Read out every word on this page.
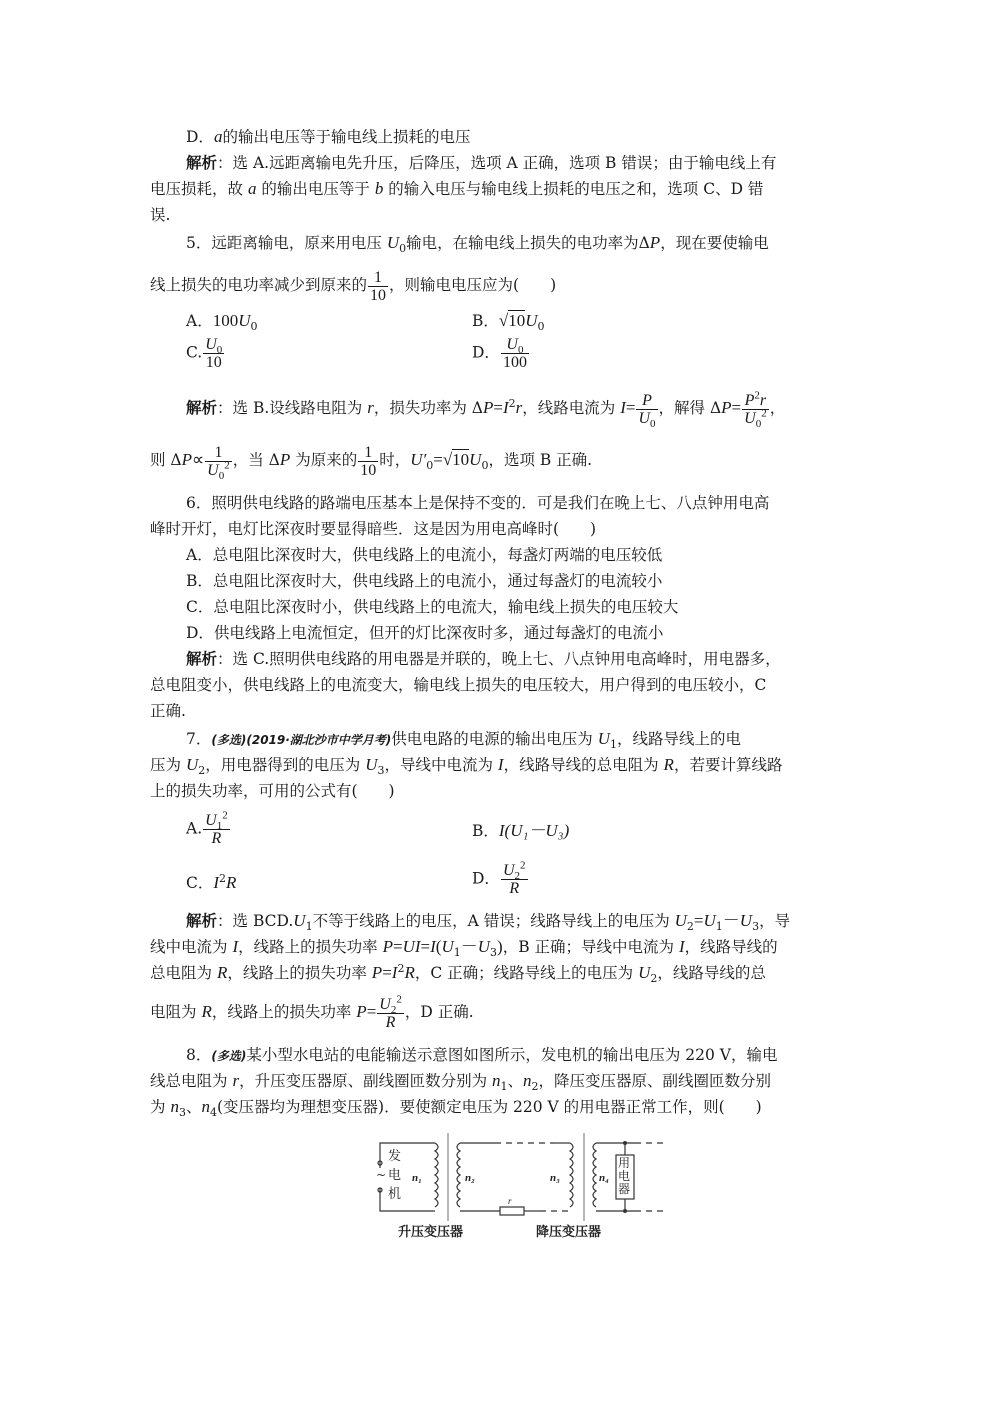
D．a的输出电压等于输电线上损耗的电压
解析：选 A.远距离输电先升压，后降压，选项 A 正确，选项 B 错误；由于输电线上有
电压损耗，故 a 的输出电压等于 b 的输入电压与输电线上损耗的电压之和，选项 C、D 错
误.
5．远距离输电，原来用电压 $U_0$输电，在输电线上损失的电功率为ΔP，现在要使输电
线上损失的电功率减少到原来的 $\frac{1}{10}$ ，则输电电压应为(　　)
A．$100U_0$	B．$√10U_0$
C. $\frac{U_0}{10}$	D． $\frac{U_0}{100}$
解析：选 B.设线路电阻为 r，损失功率为 $\Delta P=I^2r$，线路电流为 $I= \frac{P}{U_0}$ ，解得 $\Delta P= \frac{P^2r}{U_0^2}$ ，
则 $\Delta P\propto \frac{1}{U_0^2}$ ，当 ΔP 为原来的 $\frac{1}{10}$ 时，$U'_0=√10U_0$，选项 B 正确.
6．照明供电线路的路端电压基本上是保持不变的．可是我们在晚上七、八点钟用电高
峰时开灯，电灯比深夜时要显得暗些．这是因为用电高峰时(　　)
A．总电阻比深夜时大，供电线路上的电流小，每盏灯两端的电压较低
B．总电阻比深夜时大，供电线路上的电流小，通过每盏灯的电流较小
C．总电阻比深夜时小，供电线路上的电流大，输电线上损失的电压较大
D．供电线路上电流恒定，但开的灯比深夜时多，通过每盏灯的电流小
解析：选 C.照明供电线路的用电器是并联的，晚上七、八点钟用电高峰时，用电器多，
总电阻变小，供电线路上的电流变大，输电线上损失的电压较大，用户得到的电压较小，C
正确.
7．(多选)(2019·湖北沙市中学月考)供电电路的电源的输出电压为 $U_1$，线路导线上的电
压为 $U_2$，用电器得到的电压为 $U_3$，导线中电流为 I，线路导线的总电阻为 R，若要计算线路
上的损失功率，可用的公式有(　　)
A. $\frac{U_1^2}{R}$	B．I(U₁－U₃)
C．$I^2R$	D． $\frac{U_2^2}{R}$
解析：选 $BCD.U_1$不等于线路上的电压，A 错误；线路导线上的电压为 $U_2=U_1-U_3$，导
线中电流为 I，线路上的损失功率 $P=UI=I(U_1-U_3)$，B 正确；导线中电流为 I，线路导线的
总电阻为 R，线路上的损失功率 $P=I^2R$，C 正确；线路导线上的电压为 $U_2$，线路导线的总
电阻为 R，线路上的损失功率 $P= \frac{U_2^2}{R}$ ，D 正确.
8．(多选)某小型水电站的电能输送示意图如图所示，发电机的输出电压为 220 V，输电
线总电阻为 r，升压变压器原、副线圈匝数分别为 $n_1$、$n_2$，降压变压器原、副线圈匝数分别
为 $n_3$、$n_4$(变压器均为理想变压器)．要使额定电压为 220 V 的用电器正常工作，则(　　)
~
发电机
用电器
n₁	n₂	n₃	n₄
r
升压变压器	降压变压器
